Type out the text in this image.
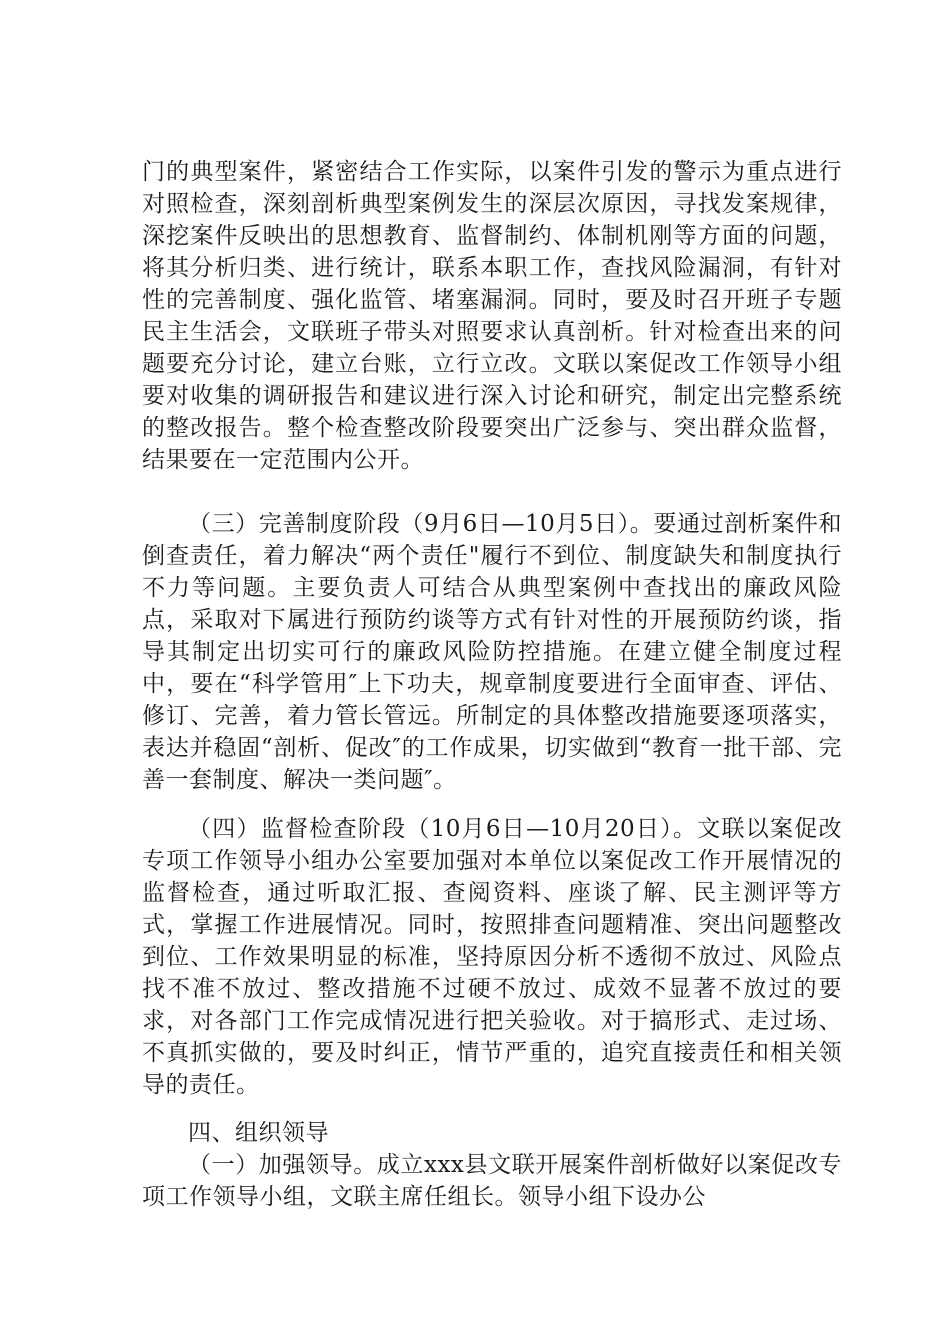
门的典型案件，紧密结合工作实际，以案件引发的警示为重点进行对照检查，深刻剖析典型案例发生的深层次原因，寻找发案规律，深挖案件反映出的思想教育、监督制约、体制机刚等方面的问题，将其分析归类、进行统计，联系本职工作，查找风险漏洞，有针对性的完善制度、强化监管、堵塞漏洞。同时，要及时召开班子专题民主生活会，文联班子带头对照要求认真剖析。针对检查出来的问题要充分讨论，建立台账，立行立改。文联以案促改工作领导小组要对收集的调研报告和建议进行深入讨论和研究，制定出完整系统的整改报告。整个检查整改阶段要突出广泛参与、突出群众监督，结果要在一定范围内公开。

（三）完善制度阶段（9月6日—10月5日）。要通过剖析案件和倒查责任，着力解决“两个责任"履行不到位、制度缺失和制度执行不力等问题。主要负责人可结合从典型案例中查找出的廉政风险点，采取对下属进行预防约谈等方式有针对性的开展预防约谈，指导其制定出切实可行的廉政风险防控措施。在建立健全制度过程中，要在“科学管用″上下功夫，规章制度要进行全面审查、评估、修订、完善，着力管长管远。所制定的具体整改措施要逐项落实，表达并稳固“剖析、促改″的工作成果，切实做到“教育一批干部、完善一套制度、解决一类问题″。

（四）监督检查阶段（10月6日—10月20日）。文联以案促改专项工作领导小组办公室要加强对本单位以案促改工作开展情况的监督检查，通过听取汇报、查阅资料、座谈了解、民主测评等方式，掌握工作进展情况。同时，按照排查问题精准、突出问题整改到位、工作效果明显的标准，坚持原因分析不透彻不放过、风险点找不准不放过、整改措施不过硬不放过、成效不显著不放过的要求，对各部门工作完成情况进行把关验收。对于搞形式、走过场、不真抓实做的，要及时纠正，情节严重的，追究直接责任和相关领导的责任。

四、组织领导

（一）加强领导。成立xxx县文联开展案件剖析做好以案促改专项工作领导小组，文联主席任组长。领导小组下设办公
